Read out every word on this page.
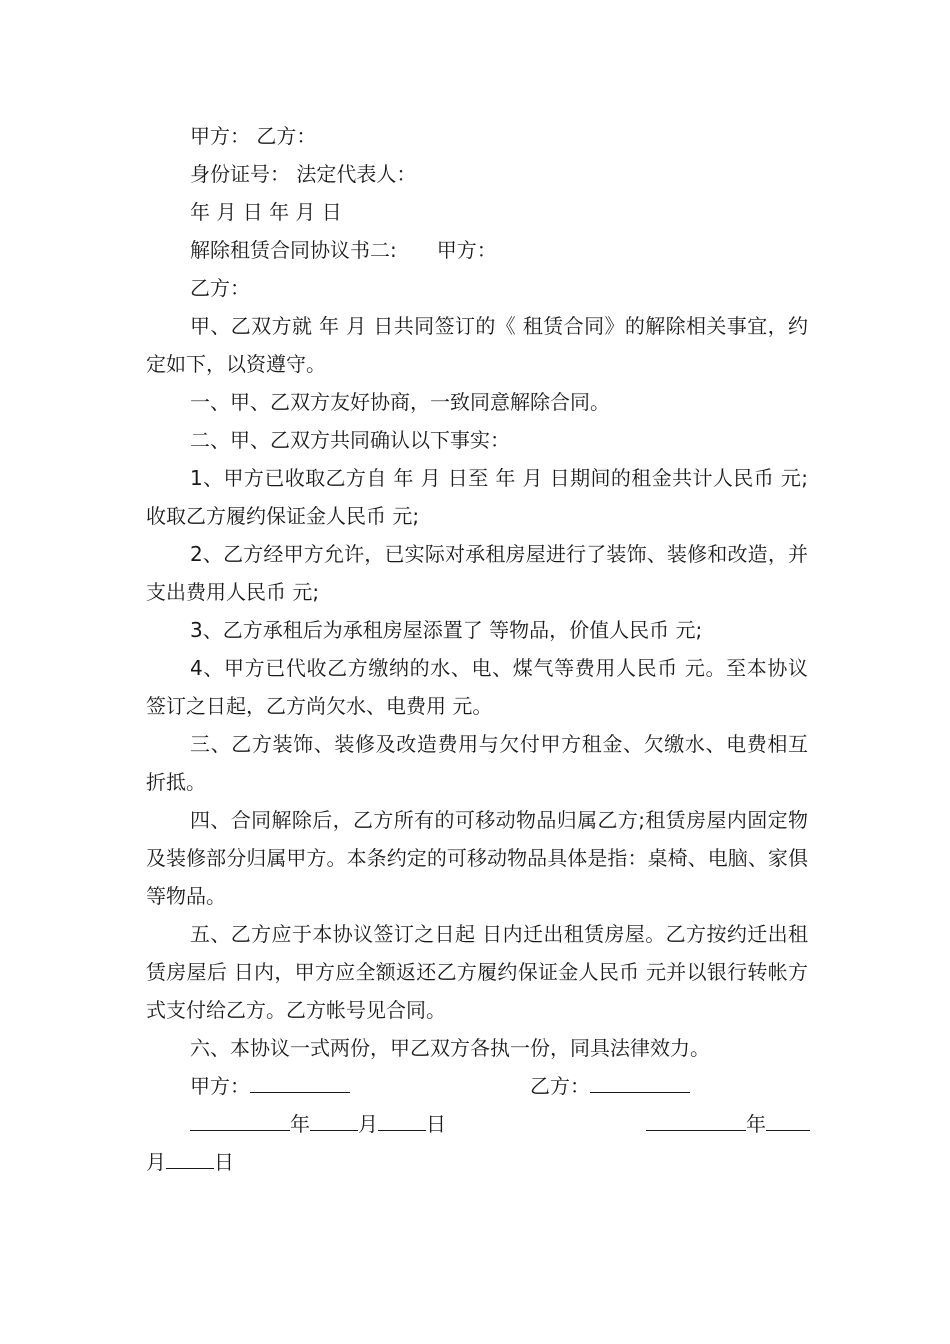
甲方： 乙方：
身份证号： 法定代表人：
年 月 日 年 月 日
解除租赁合同协议书二: 甲方：
乙方：
甲、乙双方就 年 月 日共同签订的《 租赁合同》的解除相关事宜，约定如下，以资遵守。
一、甲、乙双方友好协商，一致同意解除合同。
二、甲、乙双方共同确认以下事实：
1、甲方已收取乙方自 年 月 日至 年 月 日期间的租金共计人民币 元;收取乙方履约保证金人民币 元;
2、乙方经甲方允许，已实际对承租房屋进行了装饰、装修和改造，并支出费用人民币 元;
3、乙方承租后为承租房屋添置了 等物品，价值人民币 元;
4、甲方已代收乙方缴纳的水、电、煤气等费用人民币 元。至本协议签订之日起，乙方尚欠水、电费用 元。
三、乙方装饰、装修及改造费用与欠付甲方租金、欠缴水、电费相互折抵。
四、合同解除后，乙方所有的可移动物品归属乙方;租赁房屋内固定物及装修部分归属甲方。本条约定的可移动物品具体是指：桌椅、电脑、家俱等物品。
五、乙方应于本协议签订之日起 日内迁出租赁房屋。乙方按约迁出租赁房屋后 日内，甲方应全额返还乙方履约保证金人民币 元并以银行转帐方式支付给乙方。乙方帐号见合同。
六、本协议一式两份，甲乙双方各执一份，同具法律效力。
甲方：	乙方：
年 月 日	年
月 日
